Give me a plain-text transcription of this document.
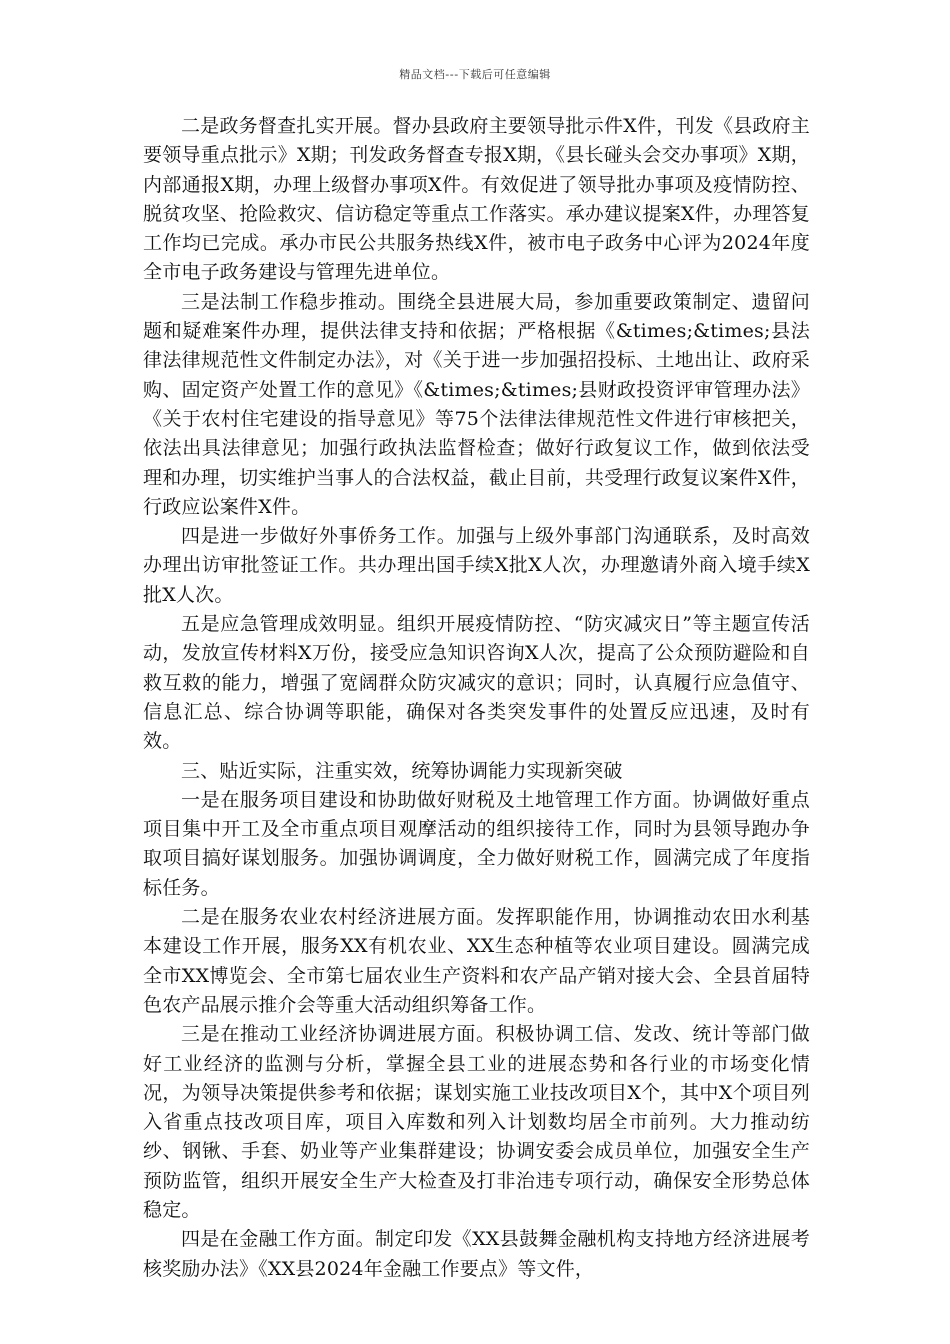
精品文档---下载后可任意编辑

二是政务督查扎实开展。督办县政府主要领导批示件X件，刊发《县政府主要领导重点批示》X期；刊发政务督查专报X期，《县长碰头会交办事项》X期，内部通报X期，办理上级督办事项X件。有效促进了领导批办事项及疫情防控、脱贫攻坚、抢险救灾、信访稳定等重点工作落实。承办建议提案X件，办理答复工作均已完成。承办市民公共服务热线X件，被市电子政务中心评为2024年度全市电子政务建设与管理先进单位。

三是法制工作稳步推动。围绕全县进展大局，参加重要政策制定、遗留问题和疑难案件办理，提供法律支持和依据；严格根据《&times;&times;县法律法律规范性文件制定办法》，对《关于进一步加强招投标、土地出让、政府采购、固定资产处置工作的意见》《&times;&times;县财政投资评审管理办法》《关于农村住宅建设的指导意见》等75个法律法律规范性文件进行审核把关，依法出具法律意见；加强行政执法监督检查；做好行政复议工作，做到依法受理和办理，切实维护当事人的合法权益，截止目前，共受理行政复议案件X件，行政应讼案件X件。

四是进一步做好外事侨务工作。加强与上级外事部门沟通联系，及时高效办理出访审批签证工作。共办理出国手续X批X人次，办理邀请外商入境手续X批X人次。

五是应急管理成效明显。组织开展疫情防控、“防灾减灾日”等主题宣传活动，发放宣传材料X万份，接受应急知识咨询X人次，提高了公众预防避险和自救互救的能力，增强了宽阔群众防灾减灾的意识；同时，认真履行应急值守、信息汇总、综合协调等职能，确保对各类突发事件的处置反应迅速，及时有效。

三、贴近实际，注重实效，统筹协调能力实现新突破

一是在服务项目建设和协助做好财税及土地管理工作方面。协调做好重点项目集中开工及全市重点项目观摩活动的组织接待工作，同时为县领导跑办争取项目搞好谋划服务。加强协调调度，全力做好财税工作，圆满完成了年度指标任务。

二是在服务农业农村经济进展方面。发挥职能作用，协调推动农田水利基本建设工作开展，服务XX有机农业、XX生态种植等农业项目建设。圆满完成全市XX博览会、全市第七届农业生产资料和农产品产销对接大会、全县首届特色农产品展示推介会等重大活动组织筹备工作。

三是在推动工业经济协调进展方面。积极协调工信、发改、统计等部门做好工业经济的监测与分析，掌握全县工业的进展态势和各行业的市场变化情况，为领导决策提供参考和依据；谋划实施工业技改项目X个，其中X个项目列入省重点技改项目库，项目入库数和列入计划数均居全市前列。大力推动纺纱、钢锹、手套、奶业等产业集群建设；协调安委会成员单位，加强安全生产预防监管，组织开展安全生产大检查及打非治违专项行动，确保安全形势总体稳定。

四是在金融工作方面。制定印发《XX县鼓舞金融机构支持地方经济进展考核奖励办法》《XX县2024年金融工作要点》等文件，
